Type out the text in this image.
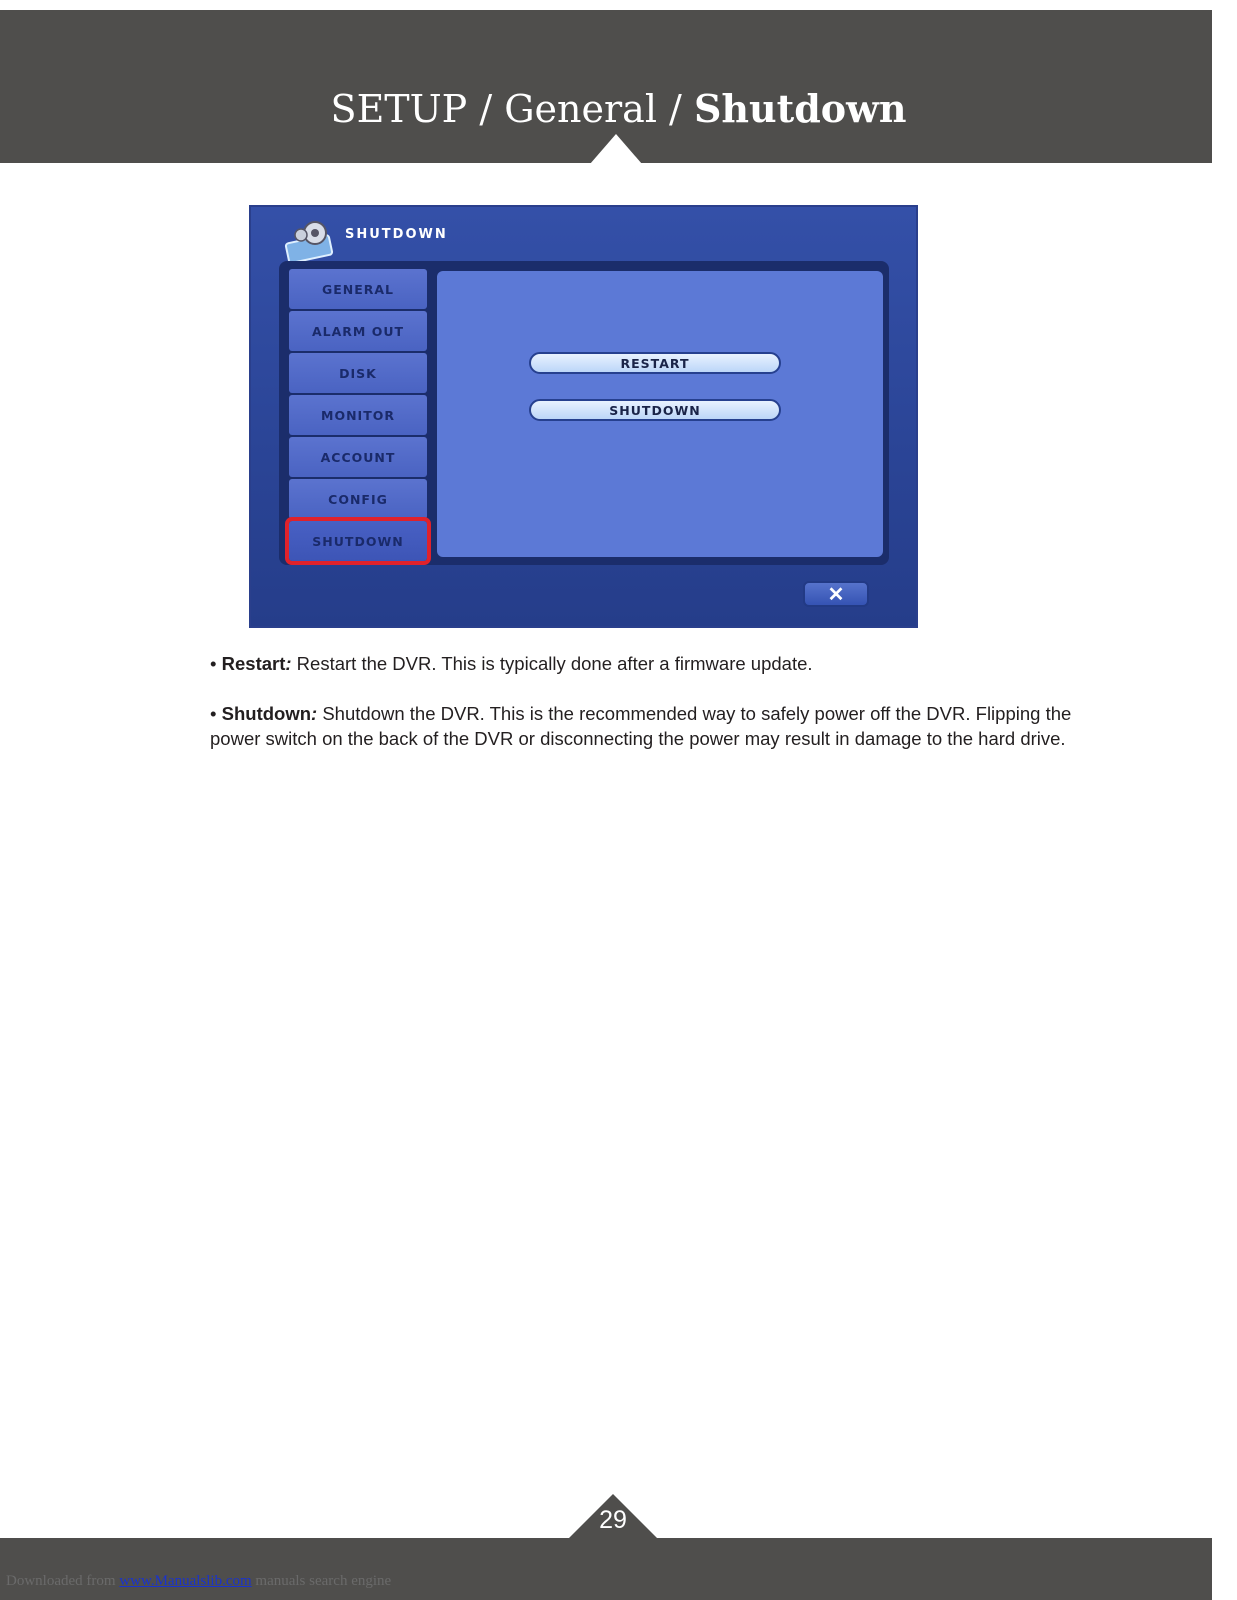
SETUP / General / Shutdown
SHUTDOWN
GENERAL
ALARM OUT
DISK
MONITOR
ACCOUNT
CONFIG
SHUTDOWN
RESTART
SHUTDOWN
✕
• Restart: Restart the DVR. This is typically done after a firmware update.
• Shutdown: Shutdown the DVR. This is the recommended way to safely power off the DVR. Flipping the
power switch on the back of the DVR or disconnecting the power may result in damage to the hard drive.
29
Downloaded from www.Manualslib.com manuals search engine
